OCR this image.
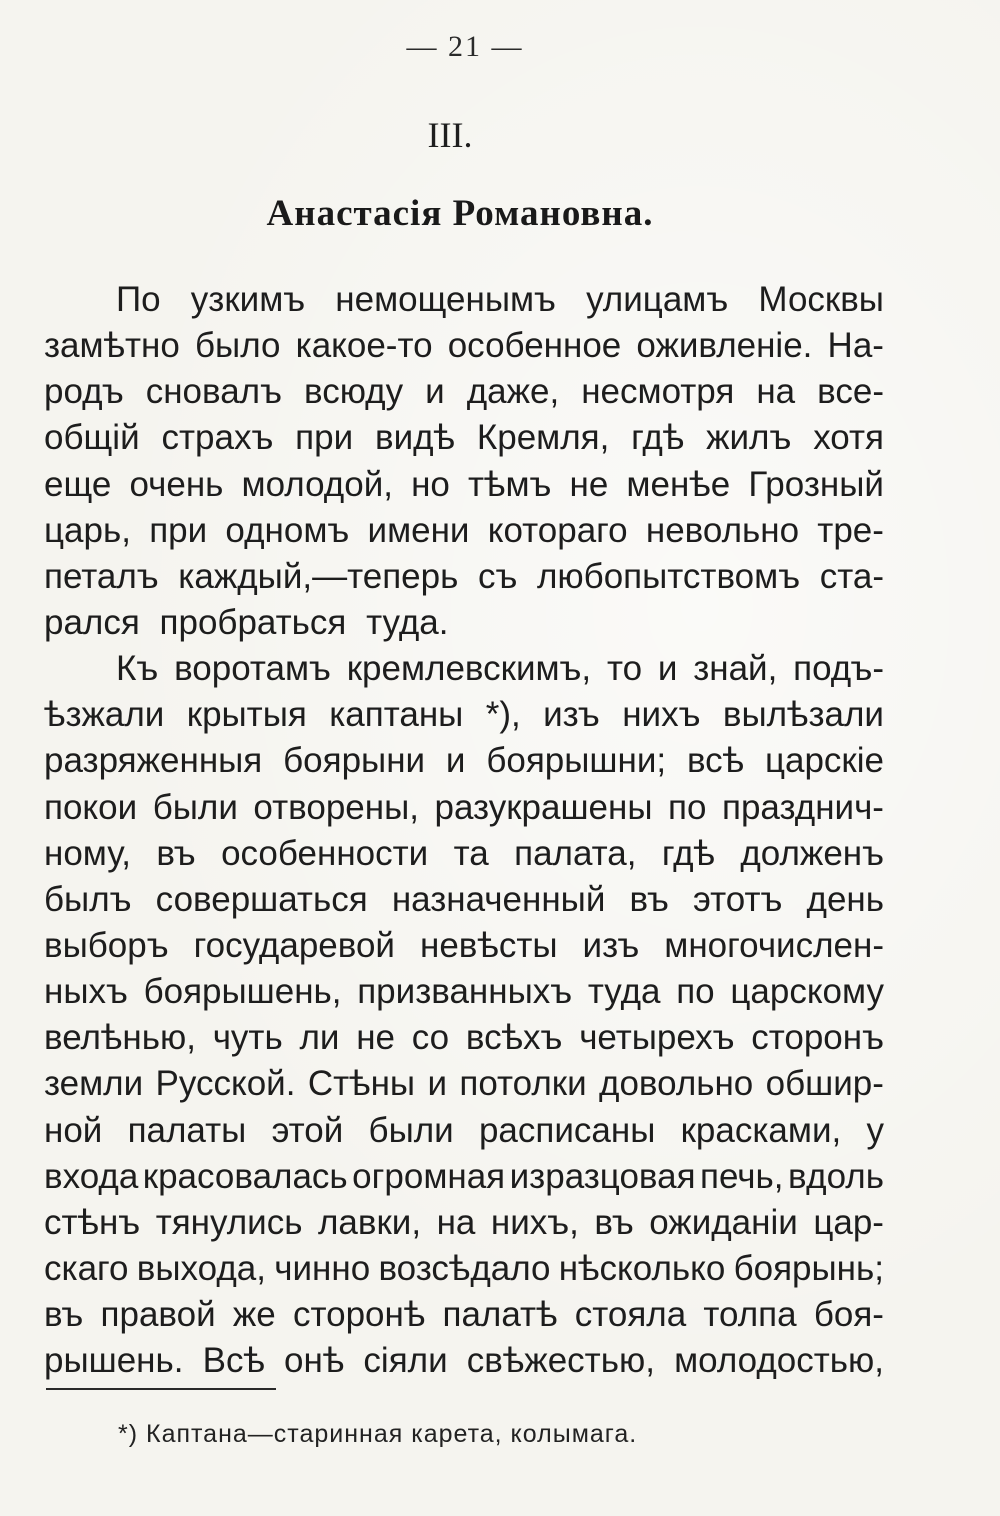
— 21 —
III.
Анастасія Романовна.
По узкимъ немощенымъ улицамъ Москвы
замѣтно было какое-то особенное оживленіе. На-
родъ сновалъ всюду и даже, несмотря на все-
общій страхъ при видѣ Кремля, гдѣ жилъ хотя
еще очень молодой, но тѣмъ не менѣе Грозный
царь, при одномъ имени котораго невольно тре-
петалъ каждый,—теперь съ любопытствомъ ста-
рался пробраться туда.
Къ воротамъ кремлевскимъ, то и знай, подъ-
ѣзжали крытыя каптаны *), изъ нихъ вылѣзали
разряженныя боярыни и боярышни; всѣ царскіе
покои были отворены, разукрашены по празднич-
ному, въ особенности та палата, гдѣ долженъ
былъ совершаться назначенный въ этотъ день
выборъ государевой невѣсты изъ многочислен-
ныхъ боярышень, призванныхъ туда по царскому
велѣнью, чуть ли не со всѣхъ четырехъ сторонъ
земли Русской. Стѣны и потолки довольно обшир-
ной палаты этой были расписаны красками, у
входа красовалась огромная изразцовая печь, вдоль
стѣнъ тянулись лавки, на нихъ, въ ожиданіи цар-
скаго выхода, чинно возсѣдало нѣсколько боярынь;
въ правой же сторонѣ палатѣ стояла толпа боя-
рышень. Всѣ онѣ сіяли свѣжестью, молодостью,
*) Каптана—старинная карета, колымага.
